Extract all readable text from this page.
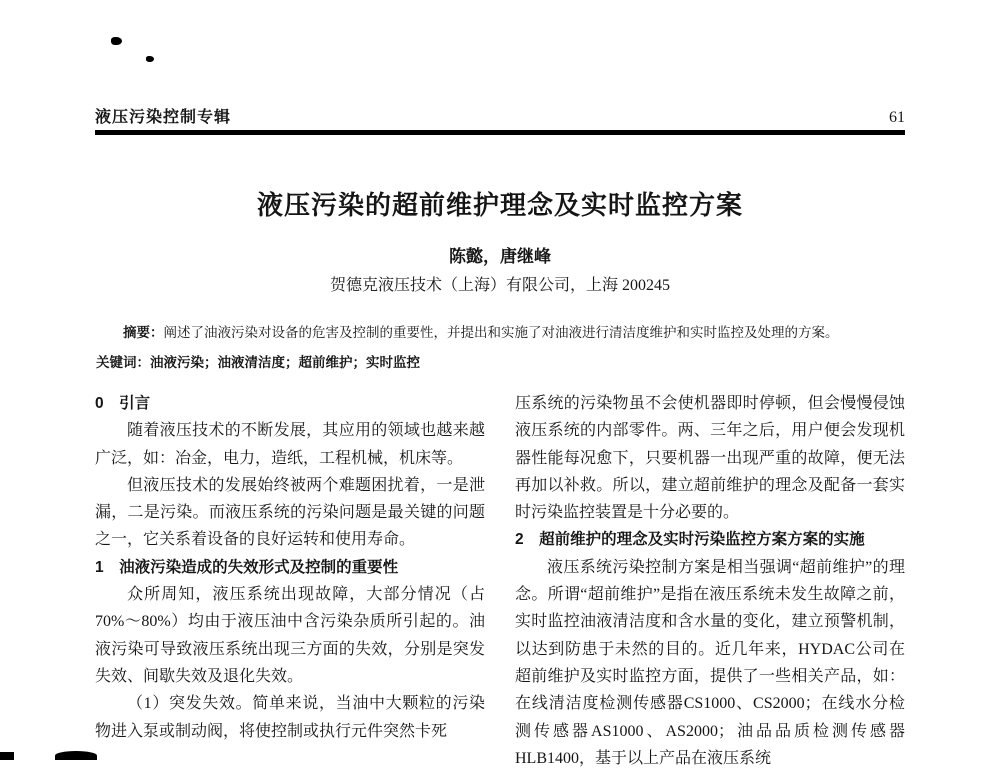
液压污染控制专辑	61
液压污染的超前维护理念及实时监控方案
陈懿，唐继峰
贺德克液压技术（上海）有限公司，上海 200245

摘要：阐述了油液污染对设备的危害及控制的重要性，并提出和实施了对油液进行清洁度维护和实时监控及处理的方案。

关键词：油液污染；油液清洁度；超前维护；实时监控

0　引言

随着液压技术的不断发展，其应用的领域也越来越广泛，如：冶金，电力，造纸，工程机械，机床等。

但液压技术的发展始终被两个难题困扰着，一是泄漏，二是污染。而液压系统的污染问题是最关键的问题之一，它关系着设备的良好运转和使用寿命。

1　油液污染造成的失效形式及控制的重要性

众所周知，液压系统出现故障，大部分情况（占70%～80%）均由于液压油中含污染杂质所引起的。油液污染可导致液压系统出现三方面的失效，分别是突发失效、间歇失效及退化失效。

（1）突发失效。简单来说，当油中大颗粒的污染物进入泵或制动阀，将使控制或执行元件突然卡死

压系统的污染物虽不会使机器即时停顿，但会慢慢侵蚀液压系统的内部零件。两、三年之后，用户便会发现机器性能每况愈下，只要机器一出现严重的故障，便无法再加以补救。所以，建立超前维护的理念及配备一套实时污染监控装置是十分必要的。

2　超前维护的理念及实时污染监控方案方案的实施

液压系统污染控制方案是相当强调“超前维护”的理念。所谓“超前维护”是指在液压系统未发生故障之前，实时监控油液清洁度和含水量的变化，建立预警机制，以达到防患于未然的目的。近几年来，HYDAC公司在超前维护及实时监控方面，提供了一些相关产品，如：在线清洁度检测传感器CS1000、CS2000；在线水分检测传感器AS1000、AS2000；油品品质检测传感器HLB1400，基于以上产品在液压系统
